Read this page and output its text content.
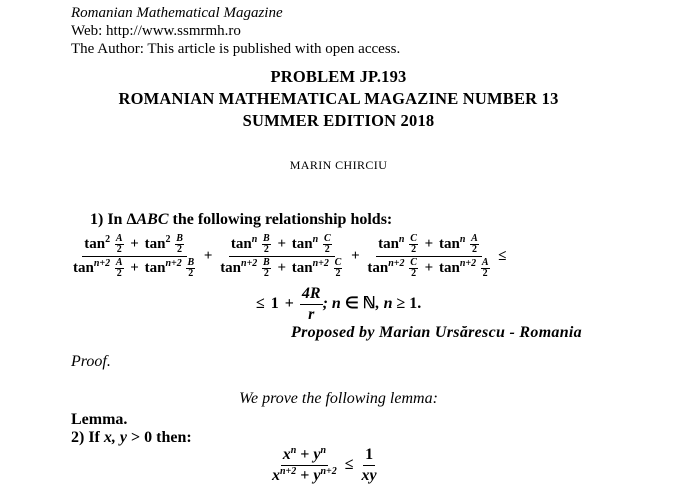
Romanian Mathematical Magazine
Web: http://www.ssmrmh.ro
The Author: This article is published with open access.
PROBLEM JP.193
ROMANIAN MATHEMATICAL MAGAZINE NUMBER 13
SUMMER EDITION 2018
MARIN CHIRCIU
1) In ΔABC the following relationship holds:
$\frac{\tan^2 \frac{A}{2} + \tan^2 \frac{B}{2}}{\tan^{n+2} \frac{A}{2} + \tan^{n+2} \frac{B}{2}} + \frac{\tan^n \frac{B}{2} + \tan^n \frac{C}{2}}{\tan^{n+2} \frac{B}{2} + \tan^{n+2} \frac{C}{2}} + \frac{\tan^n \frac{C}{2} + \tan^n \frac{A}{2}}{\tan^{n+2} \frac{C}{2} + \tan^{n+2} \frac{A}{2}}$ ≤
≤ $1 + \frac{4R}{r}$ ; n ∈ ℕ, n ≥ 1.
Proposed by Marian Ursărescu - Romania
Proof.
We prove the following lemma:
Lemma.
2) If x, y > 0 then:
$\frac{x^n + y^n}{x^{n+2} + y^{n+2}} \le \frac{1}{xy}$
